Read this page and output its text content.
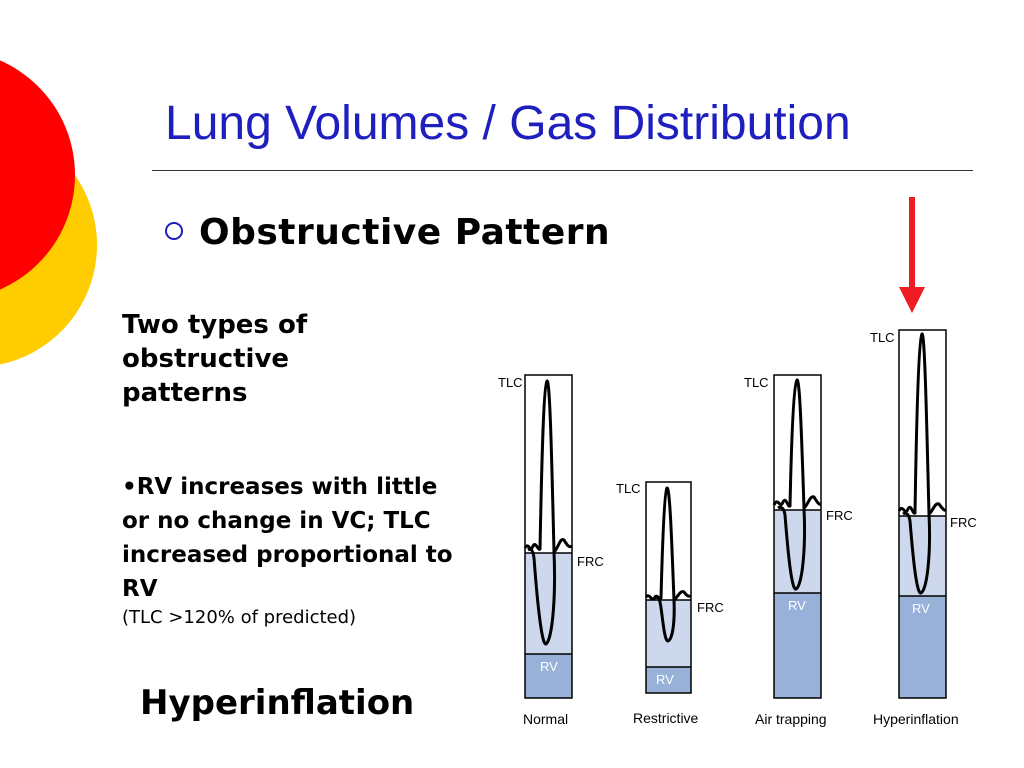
Lung Volumes / Gas Distribution
Obstructive Pattern
Two types of obstructive patterns
•RV increases with little or no change in VC; TLC increased proportional to RV
(TLC >120% of predicted)
Hyperinflation
TLC
FRC
RV
Normal
TLC
FRC
RV
Restrictive
TLC
FRC
RV
Air trapping
TLC
FRC
RV
Hyperinflation
